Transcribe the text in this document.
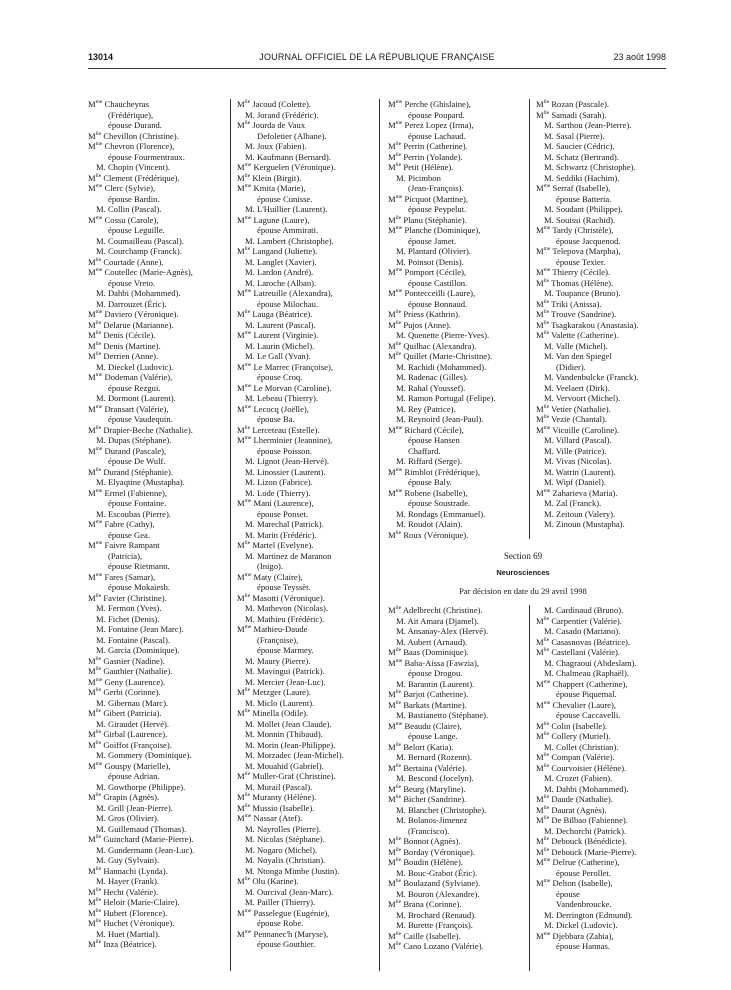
13014	JOURNAL OFFICIEL DE LA RÉPUBLIQUE FRANÇAISE	23 août 1998
$M^{me}$ Chaucheyras
(Frédérique),
épouse Durand.
$M^{lle}$ Chevillon (Christine).
$M^{me}$ Chevron (Florence),
épouse Fourmentraux.
M. Chopin (Vincent).
$M^{lle}$ Clement (Frédérique).
$M^{me}$ Clerc (Sylvie),
épouse Bardin.
M. Collin (Pascal).
$M^{me}$ Cossu (Carole),
épouse Leguille.
M. Coumailleau (Pascal).
M. Courchamp (Franck).
$M^{lle}$ Courtade (Anne).
$M^{me}$ Coutellec (Marie-Agnès),
épouse Vreto.
M. Dahbi (Mohammed).
M. Darrouzet (Éric).
$M^{me}$ Daviero (Véronique).
$M^{lle}$ Delarue (Marianne).
$M^{lle}$ Denis (Cécile).
$M^{lle}$ Denis (Martine).
$M^{lle}$ Derrien (Anne).
M. Dieckel (Ludovic).
$M^{me}$ Dodeman (Valérie),
épouse Rezgui.
M. Dormont (Laurent).
$M^{me}$ Dransart (Valérie),
épouse Vaudequin.
$M^{lle}$ Drapier-Beche (Nathalie).
M. Dupas (Stéphane).
$M^{me}$ Durand (Pascale),
épouse De Wulf.
$M^{lle}$ Durand (Stéphanie).
M. Elyaqtine (Mustapha).
$M^{me}$ Ermel (Fabienne),
épouse Fontaine.
M. Escoubas (Pierre).
$M^{me}$ Fabre (Cathy),
épouse Gea.
$M^{me}$ Faivre Rampant
(Patricia),
épouse Rietmann.
$M^{me}$ Fares (Samar),
épouse Mokaiesh.
$M^{lle}$ Favier (Christine).
M. Fermon (Yves).
M. Fichet (Denis).
M. Fontaine (Jean Marc).
M. Fontaine (Pascal).
M. Garcia (Dominique).
$M^{lle}$ Gasnier (Nadine).
$M^{lle}$ Gauthier (Nathalie).
$M^{me}$ Geny (Laurence).
$M^{lle}$ Gerbi (Corinne).
M. Gibernau (Marc).
$M^{lle}$ Gibert (Patricia).
M. Giraudet (Hervé).
$M^{lle}$ Girbal (Laurence).
$M^{lle}$ Goiffot (Françoise).
M. Gommery (Dominique).
$M^{me}$ Gouspy (Marielle),
épouse Adrian.
M. Gowthorpe (Philippe).
$M^{lle}$ Grapin (Agnès).
M. Grill (Jean-Pierre).
M. Gros (Olivier).
M. Guillemaud (Thomas).
$M^{lle}$ Guinchard (Marie-Pierre).
M. Gundermann (Jean-Luc).
M. Guy (Sylvain).
$M^{lle}$ Hannachi (Lynda).
M. Hayer (Frank).
$M^{lle}$ Hecht (Valérie).
$M^{lle}$ Heloir (Marie-Claire).
$M^{lle}$ Hubert (Florence).
$M^{lle}$ Huchet (Véronique).
M. Huet (Martial).
$M^{lle}$ Inza (Béatrice).
$M^{lle}$ Jacoud (Colette).
M. Jorand (Frédéric).
$M^{lle}$ Jourda de Vaux
Defoletier (Albane).
M. Joux (Fabien).
M. Kaufmann (Bernard).
$M^{me}$ Kerguelen (Véronique).
$M^{lle}$ Klein (Birgit).
$M^{me}$ Kmita (Marie),
épouse Cunisse.
M. L'Huillier (Laurent).
$M^{me}$ Lagune (Laure),
épouse Ammirati.
M. Lambert (Christophe).
$M^{lle}$ Langand (Juliette).
M. Langlet (Xavier).
M. Lardon (André).
M. Laroche (Alban).
$M^{me}$ Latreuille (Alexandra),
épouse Milochau.
$M^{lle}$ Lauga (Béatrice).
M. Laurent (Pascal).
$M^{me}$ Laurent (Virginie).
M. Laurin (Michel).
M. Le Gall (Yvan).
$M^{me}$ Le Marrec (Françoise),
épouse Croq.
$M^{me}$ Le Morvan (Caroline).
M. Lebeau (Thierry).
$M^{me}$ Lecocq (Joëlle),
épouse Ba.
$M^{lle}$ Lerceteau (Estelle).
$M^{me}$ Lherminier (Jeannine),
épouse Poisson.
M. Lignot (Jean-Hervé).
M. Linossier (Laurent).
M. Lizon (Fabrice).
M. Lode (Thierry).
$M^{me}$ Mani (Laurence),
épouse Ponset.
M. Marechal (Patrick).
M. Marin (Frédéric).
$M^{lle}$ Martel (Evelyne).
M. Martinez de Maranon
(Inigo).
$M^{me}$ Maty (Claire),
épouse Teyssèt.
$M^{lle}$ Masotti (Véronique).
M. Mathevon (Nicolas).
M. Mathieu (Frédéric).
$M^{me}$ Mathieu-Daude
(Françoise),
épouse Marmey.
M. Maury (Pierre).
M. Mavingui (Patrick).
M. Mercier (Jean-Luc).
$M^{lle}$ Metzger (Laure).
M. Miclo (Laurent).
$M^{lle}$ Minella (Odile).
M. Mollet (Jean Claude).
M. Monnin (Thibaud).
M. Morin (Jean-Philippe).
M. Morzadec (Jean-Michel).
M. Mouahid (Gabriel).
$M^{lle}$ Muller-Graf (Christine).
M. Murail (Pascal).
$M^{lle}$ Muranty (Hélène).
$M^{lle}$ Mussio (Isabelle).
$M^{me}$ Nassar (Atef).
M. Nayrolles (Pierre).
M. Nicolas (Stéphane).
M. Nogaro (Michel).
M. Noyalis (Christian).
M. Ntonga Mimbe (Justin).
$M^{lle}$ Olu (Karine).
M. Ourcival (Jean-Marc).
M. Pailler (Thierry).
$M^{me}$ Passelegue (Eugénie),
épouse Robe.
$M^{me}$ Pennanec'h (Maryse),
épouse Gouthier.
$M^{me}$ Perche (Ghislaine),
épouse Poupard.
$M^{me}$ Perez Lopez (Irma),
épouse Lachaud.
$M^{lle}$ Perrin (Catherine).
$M^{lle}$ Perrin (Yolande).
$M^{lle}$ Petit (Hélène).
M. Picimbon
(Jean-François).
$M^{me}$ Picquot (Martine),
épouse Peypelut.
$M^{lle}$ Planu (Stéphanie).
$M^{me}$ Planche (Dominique),
épouse Jamet.
M. Plantard (Olivier).
M. Poinsot (Denis).
$M^{me}$ Pomport (Cécile),
épouse Castillon.
$M^{me}$ Pontecceilli (Laure),
épouse Bonnaud.
$M^{lle}$ Priess (Kathrin).
$M^{lle}$ Pujos (Anne).
M. Quenette (Pierre-Yves).
$M^{lle}$ Quilhac (Alexandra).
$M^{lle}$ Quillet (Marie-Christine).
M. Rachidi (Mohammed).
M. Radenac (Gilles).
M. Rahal (Youssef).
M. Ramon Portugal (Felipe).
M. Rey (Patrice).
M. Reynoird (Jean-Paul).
$M^{me}$ Richard (Cécile),
épouse Hansen
Chaffard.
M. Riffard (Serge).
$M^{me}$ Rimblot (Frédérique),
épouse Baly.
$M^{me}$ Robene (Isabelle),
épouse Soustrade.
M. Rondags (Emmanuel).
M. Roudot (Alain).
$M^{lle}$ Roux (Véronique).
$M^{lle}$ Rozan (Pascale).
$M^{lle}$ Samadi (Sarah).
M. Sarthou (Jean-Pierre).
M. Sasal (Pierre).
M. Saucier (Cédric).
M. Schatz (Bertrand).
M. Schwartz (Christophe).
M. Seddiki (Hachim).
$M^{me}$ Serraf (Isabelle),
épouse Batteria.
M. Soudant (Philippe).
M. Souissi (Rachid).
$M^{me}$ Tardy (Christèle),
épouse Jacquenod.
$M^{me}$ Telepova (Marpha),
épouse Texier.
$M^{me}$ Thierry (Cécile).
$M^{lle}$ Thomas (Hélène).
M. Toupance (Bruno).
$M^{lle}$ Triki (Anissa).
$M^{lle}$ Trouve (Sandrine).
$M^{lle}$ Tsagkarakou (Anastasia).
$M^{lle}$ Valette (Catherine).
M. Valle (Michel).
M. Van den Spiegel
(Didier).
M. Vandenbulcke (Franck).
M. Veelaert (Dirk).
M. Vervoort (Michel).
$M^{lle}$ Vetier (Nathalie).
$M^{lle}$ Vezie (Chantal).
$M^{me}$ Vicuille (Caroline).
M. Villard (Pascal).
M. Ville (Patrice).
M. Vivas (Nicolas).
M. Watrin (Laurent).
M. Wipf (Daniel).
$M^{me}$ Zaharieva (Maria).
M. Zal (Franck).
M. Zeitoun (Valery).
M. Zinoun (Mustapha).
$M^{lle}$ Adelbrecht (Christine).
M. Ait Amara (Djamel).
M. Ansanay-Alex (Hervé).
M. Aubert (Arnaud).
$M^{lle}$ Baas (Dominique).
$M^{me}$ Baba-Aissa (Fawzia),
épouse Drogou.
M. Barantin (Laurent).
$M^{lle}$ Barjot (Catherine).
$M^{lle}$ Barkats (Martine).
M. Bastianetto (Stéphane).
$M^{me}$ Beaudu (Claire),
épouse Lange.
$M^{lle}$ Belort (Katia).
M. Bernard (Rozenn).
$M^{lle}$ Bertaina (Valérie).
M. Bescond (Jocelyn).
$M^{lle}$ Beurg (Maryline).
$M^{lle}$ Bichet (Sandrine).
M. Blanchet (Christophe).
M. Bolanos-Jimenez
(Francisco).
$M^{lle}$ Bonnot (Agnès).
$M^{lle}$ Borday (Véronique).
$M^{lle}$ Boudin (Hélène).
M. Bouc-Grabot (Éric).
$M^{lle}$ Boulazand (Sylviane).
M. Bouron (Alexandre).
$M^{lle}$ Brana (Corinne).
M. Brochard (Renaud).
M. Burette (François).
$M^{lle}$ Caille (Isabelle).
$M^{lle}$ Cano Lozano (Valérie).
M. Cardinaud (Bruno).
$M^{lle}$ Carpentier (Valérie).
M. Casado (Mariano).
$M^{lle}$ Casasnovas (Béatrice).
$M^{lle}$ Castellani (Valérie).
M. Chagraoui (Abdeslam).
M. Chalmeau (Raphaël).
$M^{me}$ Chappert (Catherine),
épouse Piquemal.
$M^{me}$ Chevalier (Laure),
épouse Caccavelli.
$M^{lle}$ Colin (Isabelle).
$M^{lle}$ Collery (Muriel).
M. Collet (Christian).
$M^{lle}$ Compan (Valérie).
$M^{lle}$ Courvoisier (Hélène).
M. Crozet (Fabien).
M. Dahbi (Mohammed).
$M^{lle}$ Daude (Nathalie).
$M^{lle}$ Daurat (Agnès).
$M^{lle}$ De Bilbao (Fabienne).
M. Dechorchi (Patrick).
$M^{lle}$ Debouck (Bénédicte).
$M^{lle}$ Debouck (Marie-Pierre).
$M^{me}$ Delrue (Catherine),
épouse Perollet.
$M^{me}$ Delton (Isabelle),
épouse
Vandenbroucke.
M. Derrington (Edmund).
M. Dickel (Ludovic).
$M^{me}$ Djebbara (Zahia),
épouse Hannas.
Section 69
Neurosciences
Par décision en date du 29 avril 1998
